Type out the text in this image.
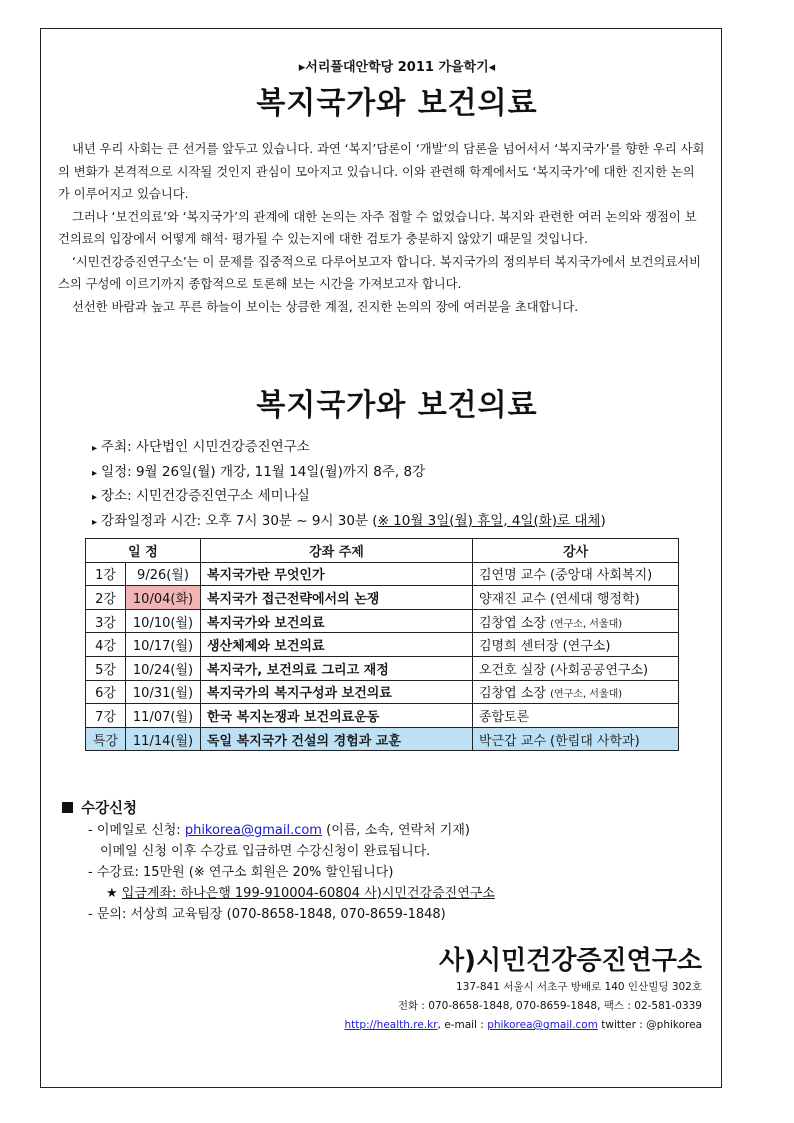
▸서리풀대안학당 2011 가을학기◂
복지국가와 보건의료

내년 우리 사회는 큰 선거를 앞두고 있습니다. 과연 ‘복지’담론이 ‘개발’의 담론을 넘어서서 ‘복지국가’를 향한 우리 사회의 변화가 본격적으로 시작될 것인지 관심이 모아지고 있습니다. 이와 관련해 학계에서도 ‘복지국가’에 대한 진지한 논의가 이루어지고 있습니다.

그러나 ‘보건의료’와 ‘복지국가’의 관계에 대한 논의는 자주 접할 수 없었습니다. 복지와 관련한 여러 논의와 쟁점이 보건의료의 입장에서 어떻게 해석· 평가될 수 있는지에 대한 검토가 충분하지 않았기 때문일 것입니다.

‘시민건강증진연구소’는 이 문제를 집중적으로 다루어보고자 합니다. 복지국가의 정의부터 복지국가에서 보건의료서비스의 구성에 이르기까지 종합적으로 토론해 보는 시간을 가져보고자 합니다.

선선한 바람과 높고 푸른 하늘이 보이는 상큼한 계절, 진지한 논의의 장에 여러분을 초대합니다.

복지국가와 보건의료
▸ 주최: 사단법인 시민건강증진연구소
▸ 일정: 9월 26일(월) 개강, 11월 14일(월)까지 8주, 8강
▸ 장소: 시민건강증진연구소 세미나실
▸ 강좌일정과 시간: 오후 7시 30분 ~ 9시 30분 (※ 10월 3일(월) 휴일, 4일(화)로 대체)
일 정		강좌 주제	강사
1강	9/26(월)	복지국가란 무엇인가	김연명 교수 (중앙대 사회복지)
2강	10/04(화)	복지국가 접근전략에서의 논쟁	양재진 교수 (연세대 행정학)
3강	10/10(월)	복지국가와 보건의료	김창엽 소장 (연구소, 서울대)
4강	10/17(월)	생산체제와 보건의료	김명희 센터장 (연구소)
5강	10/24(월)	복지국가, 보건의료 그리고 재정	오건호 실장 (사회공공연구소)
6강	10/31(월)	복지국가의 복지구성과 보건의료	김창엽 소장 (연구소, 서울대)
7강	11/07(월)	한국 복지논쟁과 보건의료운동	종합토론
특강	11/14(월)	독일 복지국가 건설의 경험과 교훈	박근갑 교수 (한림대 사학과)
수강신청
- 이메일로 신청: phikorea@gmail.com (이름, 소속, 연락처 기재)
이메일 신청 이후 수강료 입금하면 수강신청이 완료됩니다.
- 수강료: 15만원 (※ 연구소 회원은 20% 할인됩니다)
★ 입금계좌: 하나은행 199-910004-60804 사)시민건강증진연구소
- 문의: 서상희 교육팀장 (070-8658-1848, 070-8659-1848)
사)시민건강증진연구소
137-841 서울시 서초구 방배로 140 인산빌딩 302호
전화 : 070-8658-1848, 070-8659-1848, 팩스 : 02-581-0339
http://health.re.kr, e-mail : phikorea@gmail.com twitter : @phikorea
